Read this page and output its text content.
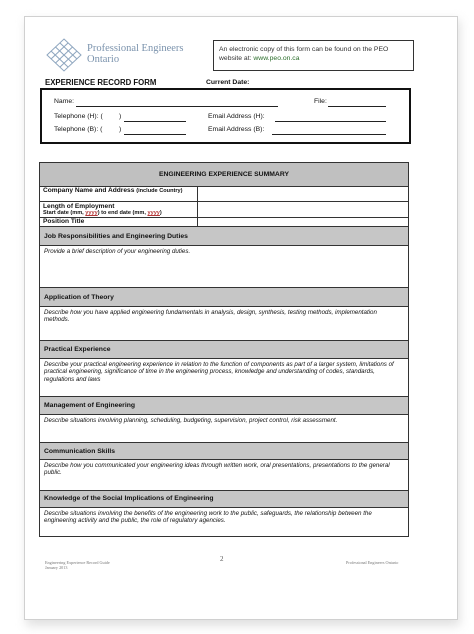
Professional Engineers
Ontario
An electronic copy of this form can be found on the PEO website at: www.peo.on.ca
EXPERIENCE RECORD FORM	Current Date:
Name:	File:
Telephone (H): ( )	Email Address (H):
Telephone (B): ( )	Email Address (B):
ENGINEERING EXPERIENCE SUMMARY
Company Name and Address (include Country)
Length of Employment
Start date (mm, yyyy) to end date (mm, yyyy)
Position Title
Job Responsibilities and Engineering Duties
Provide a brief description of your engineering duties.
Application of Theory
Describe how you have applied engineering fundamentals in analysis, design, synthesis, testing methods, implementation methods.
Practical Experience
Describe your practical engineering experience in relation to the function of components as part of a larger system, limitations of practical engineering, significance of time in the engineering process, knowledge and understanding of codes, standards, regulations and laws
Management of Engineering
Describe situations involving planning, scheduling, budgeting, supervision, project control, risk assessment.
Communication Skills
Describe how you communicated your engineering ideas through written work, oral presentations, presentations to the general public.
Knowledge of the Social Implications of Engineering
Describe situations involving the benefits of the engineering work to the public, safeguards, the relationship between the engineering activity and the public, the role of regulatory agencies.
Engineering Experience Record Guide
January 2013
2	Professional Engineers Ontario
